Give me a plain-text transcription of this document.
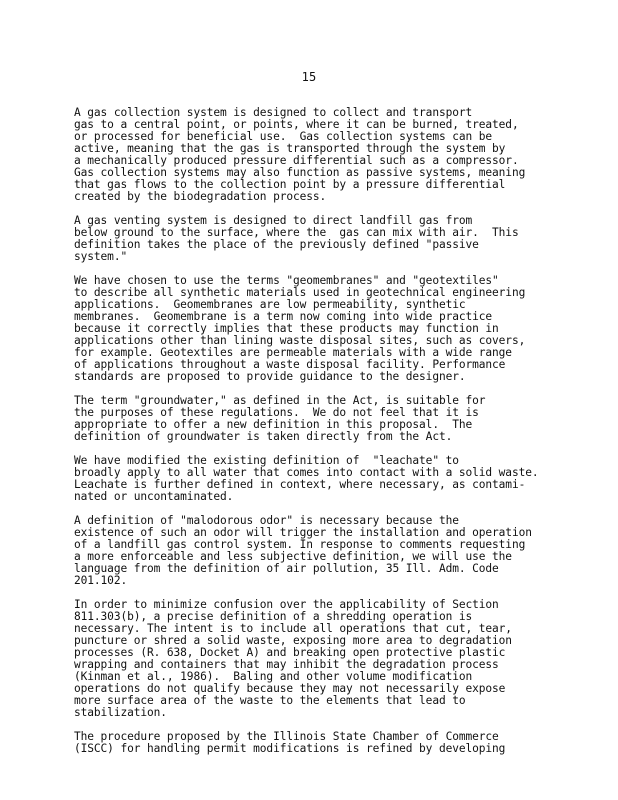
15
A gas collection system is designed to collect and transport
gas to a central point, or points, where it can be burned, treated,
or processed for beneficial use.  Gas collection systems can be
active, meaning that the gas is transported through the system by
a mechanically produced pressure differential such as a compressor.
Gas collection systems may also function as passive systems, meaning
that gas flows to the collection point by a pressure differential
created by the biodegradation process.
A gas venting system is designed to direct landfill gas from
below ground to the surface, where the  gas can mix with air.  This
definition takes the place of the previously defined "passive
system."
We have chosen to use the terms "geomembranes" and "geotextiles"
to describe all synthetic materials used in geotechnical engineering
applications.  Geomembranes are low permeability, synthetic
membranes.  Geomembrane is a term now coming into wide practice
because it correctly implies that these products may function in
applications other than lining waste disposal sites, such as covers,
for example. Geotextiles are permeable materials with a wide range
of applications throughout a waste disposal facility. Performance
standards are proposed to provide guidance to the designer.
The term "groundwater," as defined in the Act, is suitable for
the purposes of these regulations.  We do not feel that it is
appropriate to offer a new definition in this proposal.  The
definition of groundwater is taken directly from the Act.
We have modified the existing definition of  "leachate" to
broadly apply to all water that comes into contact with a solid waste.
Leachate is further defined in context, where necessary, as contami-
nated or uncontaminated.
A definition of "malodorous odor" is necessary because the
existence of such an odor will trigger the installation and operation
of a landfill gas control system. In response to comments requesting
a more enforceable and less subjective definition, we will use the
language from the definition of air pollution, 35 Ill. Adm. Code
201.102.
In order to minimize confusion over the applicability of Section
811.303(b), a precise definition of a shredding operation is
necessary. The intent is to include all operations that cut, tear,
puncture or shred a solid waste, exposing more area to degradation
processes (R. 638, Docket A) and breaking open protective plastic
wrapping and containers that may inhibit the degradation process
(Kinman et al., 1986).  Baling and other volume modification
operations do not qualify because they may not necessarily expose
more surface area of the waste to the elements that lead to
stabilization.
The procedure proposed by the Illinois State Chamber of Commerce
(ISCC) for handling permit modifications is refined by developing
